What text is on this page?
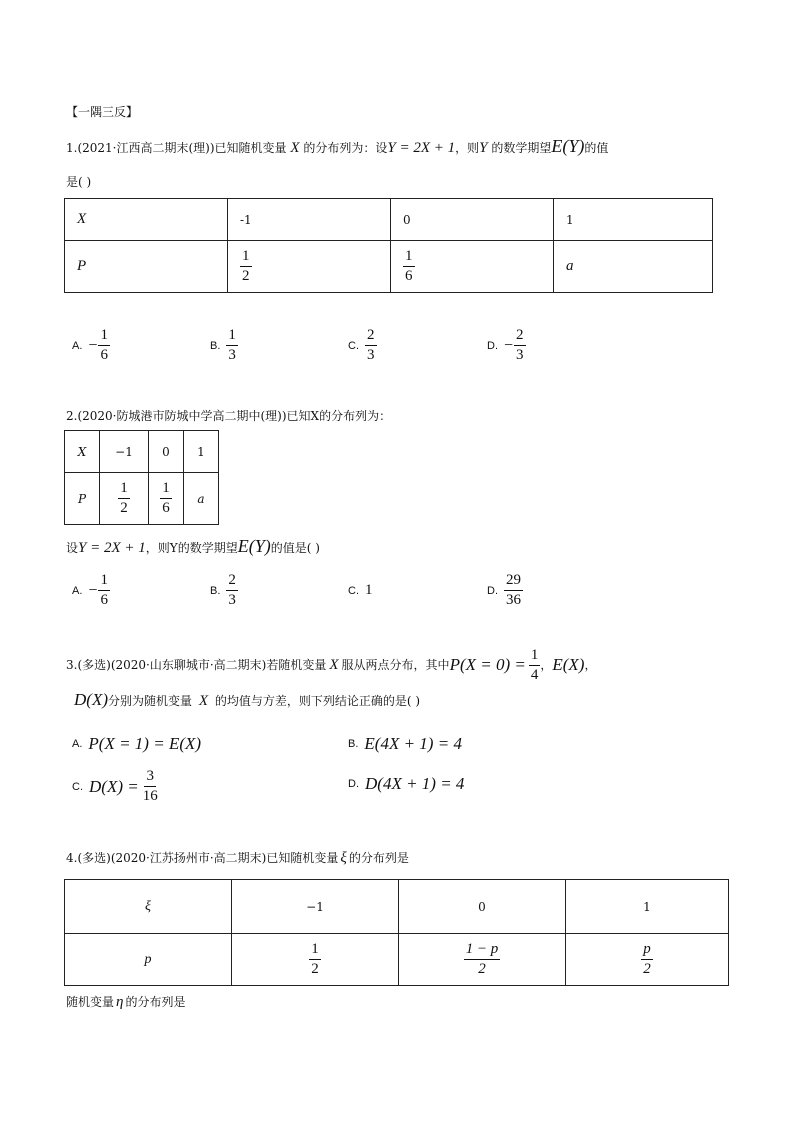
【一隅三反】
1.(2021·江西高二期末(理))已知随机变量 X 的分布列为：设Y = 2X + 1，则Y 的数学期望E(Y)的值
是( )
X	-1	0	1
P	$\frac{1}{2}$	$\frac{1}{6}$	a
A. − $\frac{1}{6}$	B. $\frac{1}{3}$	C. $\frac{2}{3}$	D. − $\frac{2}{3}$
2.(2020·防城港市防城中学高二期中(理))已知X的分布列为：
X	−1	0	1
P	$\frac{1}{2}$	$\frac{1}{6}$	a
设Y = 2X + 1，则Y的数学期望E(Y)的值是( )
A. − $\frac{1}{6}$	B. $\frac{2}{3}$	C. 1	D. $\frac{29}{36}$
3. (多选)(2020·山东聊城市·高二期末) 若随机变量 X 服从两点分布，其中 $P(X = 0) = \frac{1}{4}$ ， E(X) ，
D(X)分别为随机变量 X 的均值与方差，则下列结论正确的是( )
A. P(X = 1) = E(X)	B. E(4X + 1) = 4
C. $D(X) = \frac{3}{16}$	D. D(4X + 1) = 4
4.(多选)(2020·江苏扬州市·高二期末)已知随机变量 ξ 的分布列是
ξ	−1	0	1
p	$\frac{1}{2}$	$\frac{1 - p}{2}$	$\frac{p}{2}$
随机变量 η 的分布列是
